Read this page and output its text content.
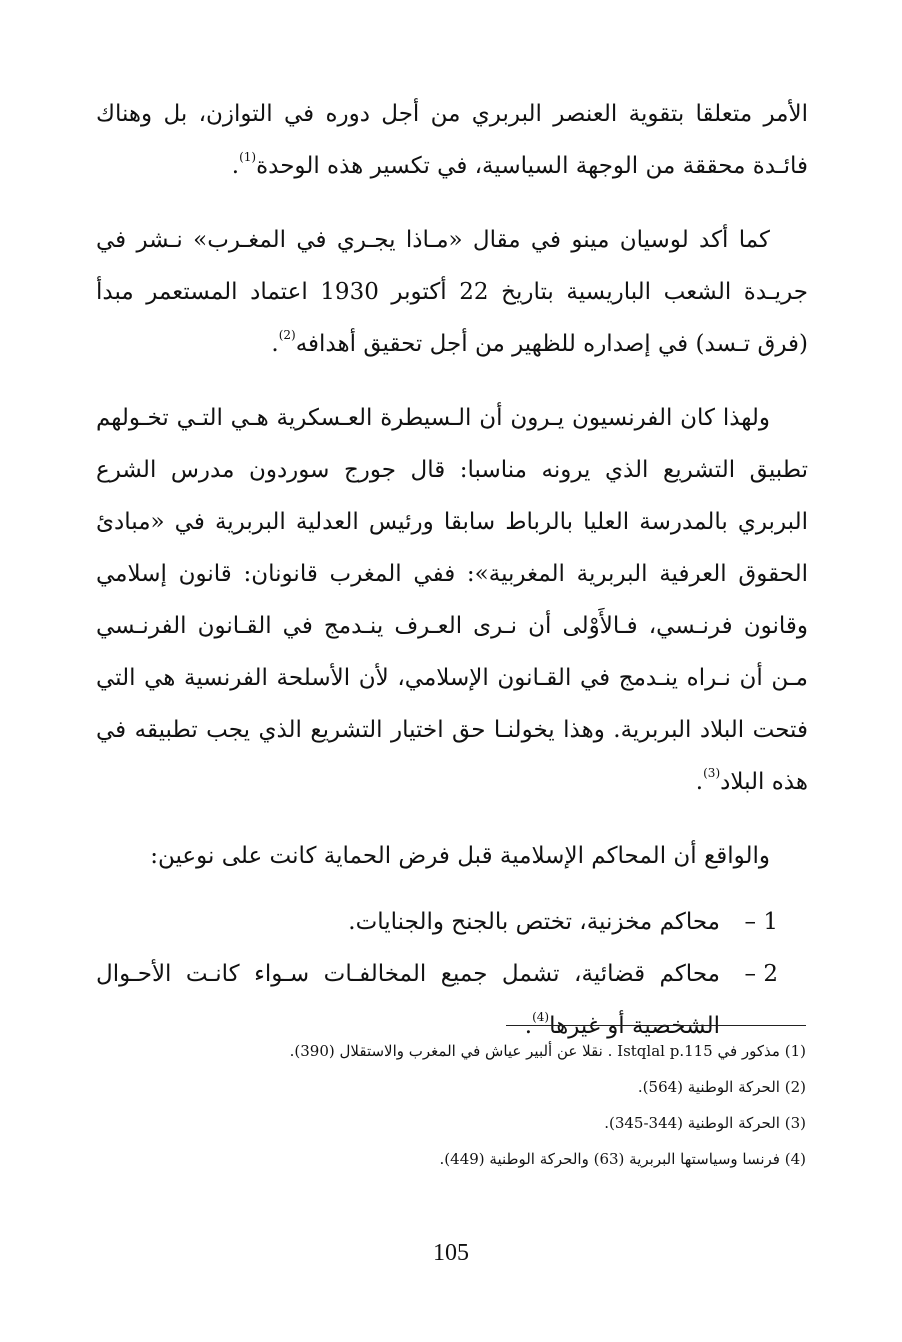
الأمر متعلقا بتقوية العنصر البربري من أجل دوره في التوازن، بل وهناك فائـدة محققة من الوجهة السياسية، في تكسير هذه الوحدة$^{(1)}$.

كما أكد لوسيان مينو في مقال «مـاذا يجـري في المغـرب» نـشر في جريـدة الشعب الباريسية بتاريخ 22 أكتوبر 1930 اعتماد المستعمر مبدأ (فرق تـسد) في إصداره للظهير من أجل تحقيق أهدافه$^{(2)}$.

ولهذا كان الفرنسيون يـرون أن الـسيطرة العـسكرية هـي التـي تخـولهم تطبيق التشريع الذي يرونه مناسبا: قال جورج سوردون مدرس الشرع البربري بالمدرسة العليا بالرباط سابقا ورئيس العدلية البربرية في «مبادئ الحقوق العرفية البربرية المغربية»: ففي المغرب قانونان: قانون إسلامي وقانون فرنـسي، فـالأَوْلى أن نـرى العـرف ينـدمج في القـانون الفرنـسي مـن أن نـراه ينـدمج في القـانون الإسلامي، لأن الأسلحة الفرنسية هي التي فتحت البلاد البربرية. وهذا يخولنـا حق اختيار التشريع الذي يجب تطبيقه في هذه البلاد$^{(3)}$.

والواقع أن المحاكم الإسلامية قبل فرض الحماية كانت على نوعين:

1 –
محاكم مخزنية، تختص بالجنح والجنايات.
2 –
محاكم قضائية، تشمل جميع المخالفـات سـواء كانـت الأحـوال الشخصية أو غيرها$^{(4)}$.

(1) مذكور في Istqlal p.115 . نقلا عن ألبير عياش في المغرب والاستقلال (390).

(2) الحركة الوطنية (564).

(3) الحركة الوطنية (344-345).

(4) فرنسا وسياستها البربرية (63) والحركة الوطنية (449).

105
